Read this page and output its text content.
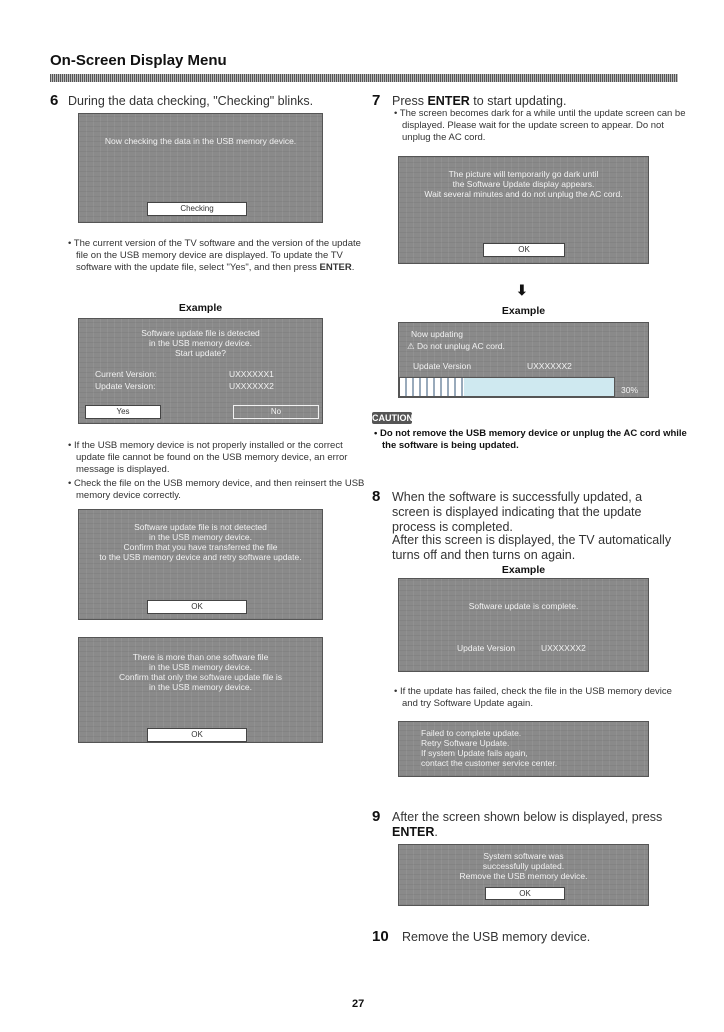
On-Screen Display Menu
6 During the data checking, "Checking" blinks.
Now checking the data in the USB memory device.
Checking
• The current version of the TV software and the version of the update file on the USB memory device are displayed. To update the TV software with the update file, select "Yes", and then press ENTER.
Example
Software update file is detected
in the USB memory device.
Start update?
Current Version:	UXXXXXX1
Update Version:	UXXXXXX2
Yes	No
• If the USB memory device is not properly installed or the correct update file cannot be found on the USB memory device, an error message is displayed.
• Check the file on the USB memory device, and then reinsert the USB memory device correctly.
Software update file is not detected
in the USB memory device.
Confirm that you have transferred the file
to the USB memory device and retry software update.
OK
There is more than one software file
in the USB memory device.
Confirm that only the software update file is
in the USB memory device.
OK
7 Press ENTER to start updating.
• The screen becomes dark for a while until the update screen can be displayed. Please wait for the update screen to appear. Do not unplug the AC cord.
The picture will temporarily go dark until
the Software Update display appears.
Wait several minutes and do not unplug the AC cord.
OK
⬇
Example
Now updating
⚠ Do not unplug AC cord.
Update Version	UXXXXXX2
30%
CAUTION
• Do not remove the USB memory device or unplug the AC cord while the software is being updated.
8 When the software is successfully updated, a screen is displayed indicating that the update process is completed.
After this screen is displayed, the TV automatically turns off and then turns on again.
Example
Software update is complete.
Update Version	UXXXXXX2
• If the update has failed, check the file in the USB memory device and try Software Update again.
Failed to complete update.
Retry Software Update.
If system Update fails again,
contact the customer service center.
9 After the screen shown below is displayed, press ENTER.
System software was
successfully updated.
Remove the USB memory device.
OK
10 Remove the USB memory device.
27
